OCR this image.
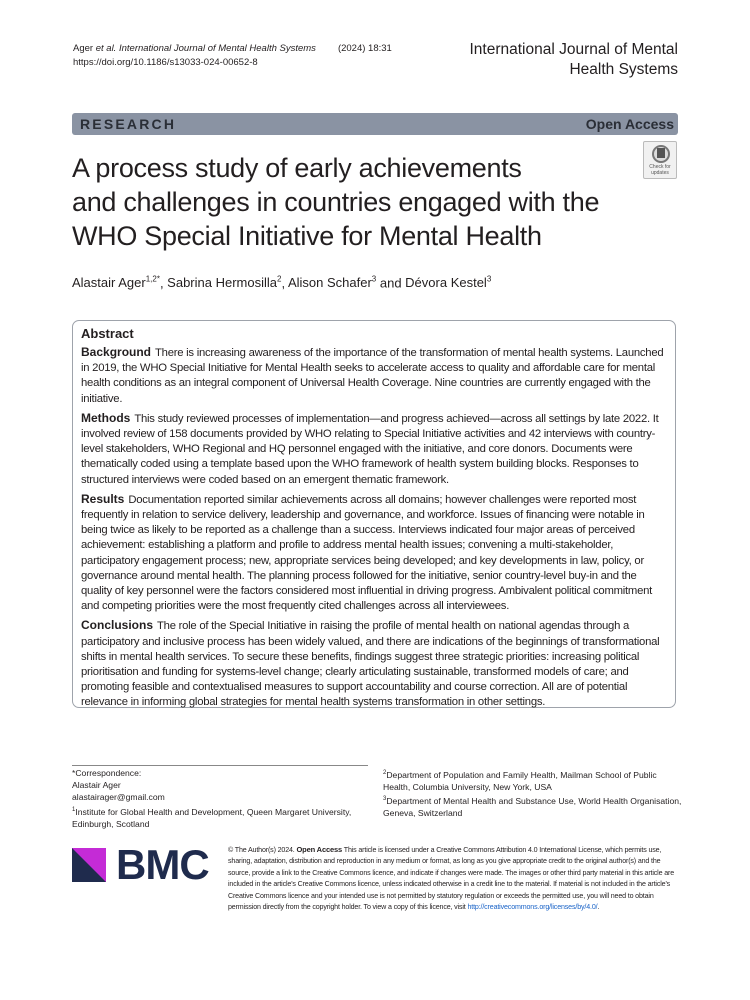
Ager et al. International Journal of Mental Health Systems (2024) 18:31
https://doi.org/10.1186/s13033-024-00652-8
International Journal of Mental
Health Systems
RESEARCH	Open Access
Check for updates
A process study of early achievements
and challenges in countries engaged with the
WHO Special Initiative for Mental Health
Alastair Ager$^{1,2*}$, Sabrina Hermosilla$^2$, Alison Schafer$^3$ and Dévora Kestel$^3$
Abstract

Background There is increasing awareness of the importance of the transformation of mental health systems. Launched in 2019, the WHO Special Initiative for Mental Health seeks to accelerate access to quality and affordable care for mental health conditions as an integral component of Universal Health Coverage. Nine countries are currently engaged with the initiative.

Methods This study reviewed processes of implementation—and progress achieved—across all settings by late 2022. It involved review of 158 documents provided by WHO relating to Special Initiative activities and 42 interviews with country-level stakeholders, WHO Regional and HQ personnel engaged with the initiative, and core donors. Documents were thematically coded using a template based upon the WHO framework of health system building blocks. Responses to structured interviews were coded based on an emergent thematic framework.

Results Documentation reported similar achievements across all domains; however challenges were reported most frequently in relation to service delivery, leadership and governance, and workforce. Issues of financing were notable in being twice as likely to be reported as a challenge than a success. Interviews indicated four major areas of perceived achievement: establishing a platform and profile to address mental health issues; convening a multi-stakeholder, participatory engagement process; new, appropriate services being developed; and key developments in law, policy, or governance around mental health. The planning process followed for the initiative, senior country-level buy-in and the quality of key personnel were the factors considered most influential in driving progress. Ambivalent political commitment and competing priorities were the most frequently cited challenges across all interviewees.

Conclusions The role of the Special Initiative in raising the profile of mental health on national agendas through a participatory and inclusive process has been widely valued, and there are indications of the beginnings of transformational shifts in mental health services. To secure these benefits, findings suggest three strategic priorities: increasing political prioritisation and funding for systems-level change; clearly articulating sustainable, transformed models of care; and promoting feasible and contextualised measures to support accountability and course correction. All are of potential relevance in informing global strategies for mental health systems transformation in other settings.

*Correspondence:
Alastair Ager
alastairager@gmail.com
$^1$Institute for Global Health and Development, Queen Margaret University, Edinburgh, Scotland
$^2$Department of Population and Family Health, Mailman School of Public Health, Columbia University, New York, USA
$^3$Department of Mental Health and Substance Use, World Health Organisation, Geneva, Switzerland
BMC	© The Author(s) 2024. Open Access This article is licensed under a Creative Commons Attribution 4.0 International License, which permits use, sharing, adaptation, distribution and reproduction in any medium or format, as long as you give appropriate credit to the original author(s) and the source, provide a link to the Creative Commons licence, and indicate if changes were made. The images or other third party material in this article are included in the article's Creative Commons licence, unless indicated otherwise in a credit line to the material. If material is not included in the article's Creative Commons licence and your intended use is not permitted by statutory regulation or exceeds the permitted use, you will need to obtain permission directly from the copyright holder. To view a copy of this licence, visit http://creativecommons.org/licenses/by/4.0/.
